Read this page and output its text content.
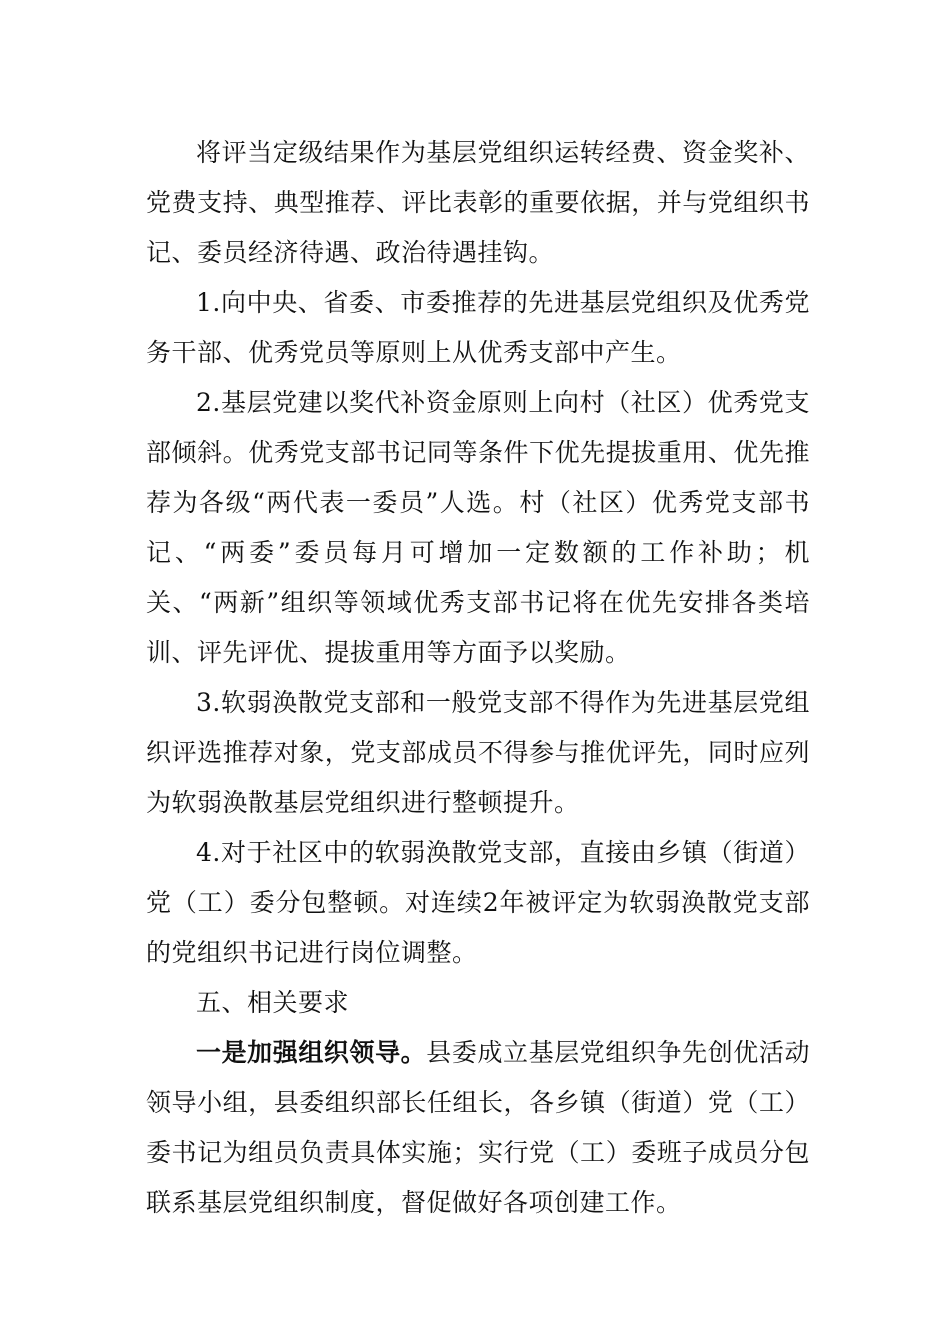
将评当定级结果作为基层党组织运转经费、资金奖补、党费支持、典型推荐、评比表彰的重要依据，并与党组织书记、委员经济待遇、政治待遇挂钩。

1.向中央、省委、市委推荐的先进基层党组织及优秀党务干部、优秀党员等原则上从优秀支部中产生。

2.基层党建以奖代补资金原则上向村（社区）优秀党支部倾斜。优秀党支部书记同等条件下优先提拔重用、优先推荐为各级“两代表一委员”人选。村（社区）优秀党支部书记、“两委”委员每月可增加一定数额的工作补助；机关、“两新”组织等领域优秀支部书记将在优先安排各类培训、评先评优、提拔重用等方面予以奖励。

3.软弱涣散党支部和一般党支部不得作为先进基层党组织评选推荐对象，党支部成员不得参与推优评先，同时应列为软弱涣散基层党组织进行整顿提升。

4.对于社区中的软弱涣散党支部，直接由乡镇（街道）党（工）委分包整顿。对连续2年被评定为软弱涣散党支部的党组织书记进行岗位调整。

五、相关要求

一是加强组织领导。县委成立基层党组织争先创优活动领导小组，县委组织部长任组长，各乡镇（街道）党（工）委书记为组员负责具体实施；实行党（工）委班子成员分包联系基层党组织制度，督促做好各项创建工作。
